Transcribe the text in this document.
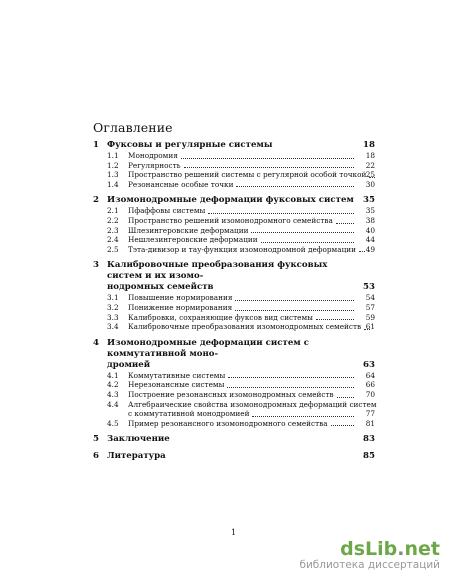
Оглавление
1 Фуксовы и регулярные системы	18
1.1	Монодромия	18
1.2	Регулярность	22
1.3	Пространство решений системы с регулярной особой точкой 25
1.4	Резонансные особые точки	30
2 Изомонодромные деформации фуксовых систем	35
2.1	Пфаффовы системы	35
2.2	Пространство решений изомонодромного семейства	38
2.3	Шлезингеровские деформации	40
2.4	Нешлезингеровские деформации	44
2.5	Тэта-дивизор и тау-функция изомонодромной деформации	49
3 Калибровочные преобразования фуксовых систем и их изомо-
нодромных семейств	53
3.1	Повышение нормирования	54
3.2	Понижение нормирования	57
3.3	Калибровки, сохраняющие фуксов вид системы	59
3.4	Калибровочные преобразования изомонодромных семейств 61
4 Изомонодромные деформации систем с коммутативной моно-
дромией	63
4.1	Коммутативные системы	64
4.2	Нерезонансные системы	66
4.3	Построение резонансных изомонодромных семейств	70
4.4	Алгебраические свойства изомонодромных деформаций систем
с коммутативной монодромией	77
4.5	Пример резонансного изомонодромного семейства	81
5 Заключение	83
6 Литература	85
1
dsLib.net
библиотека диссертаций
